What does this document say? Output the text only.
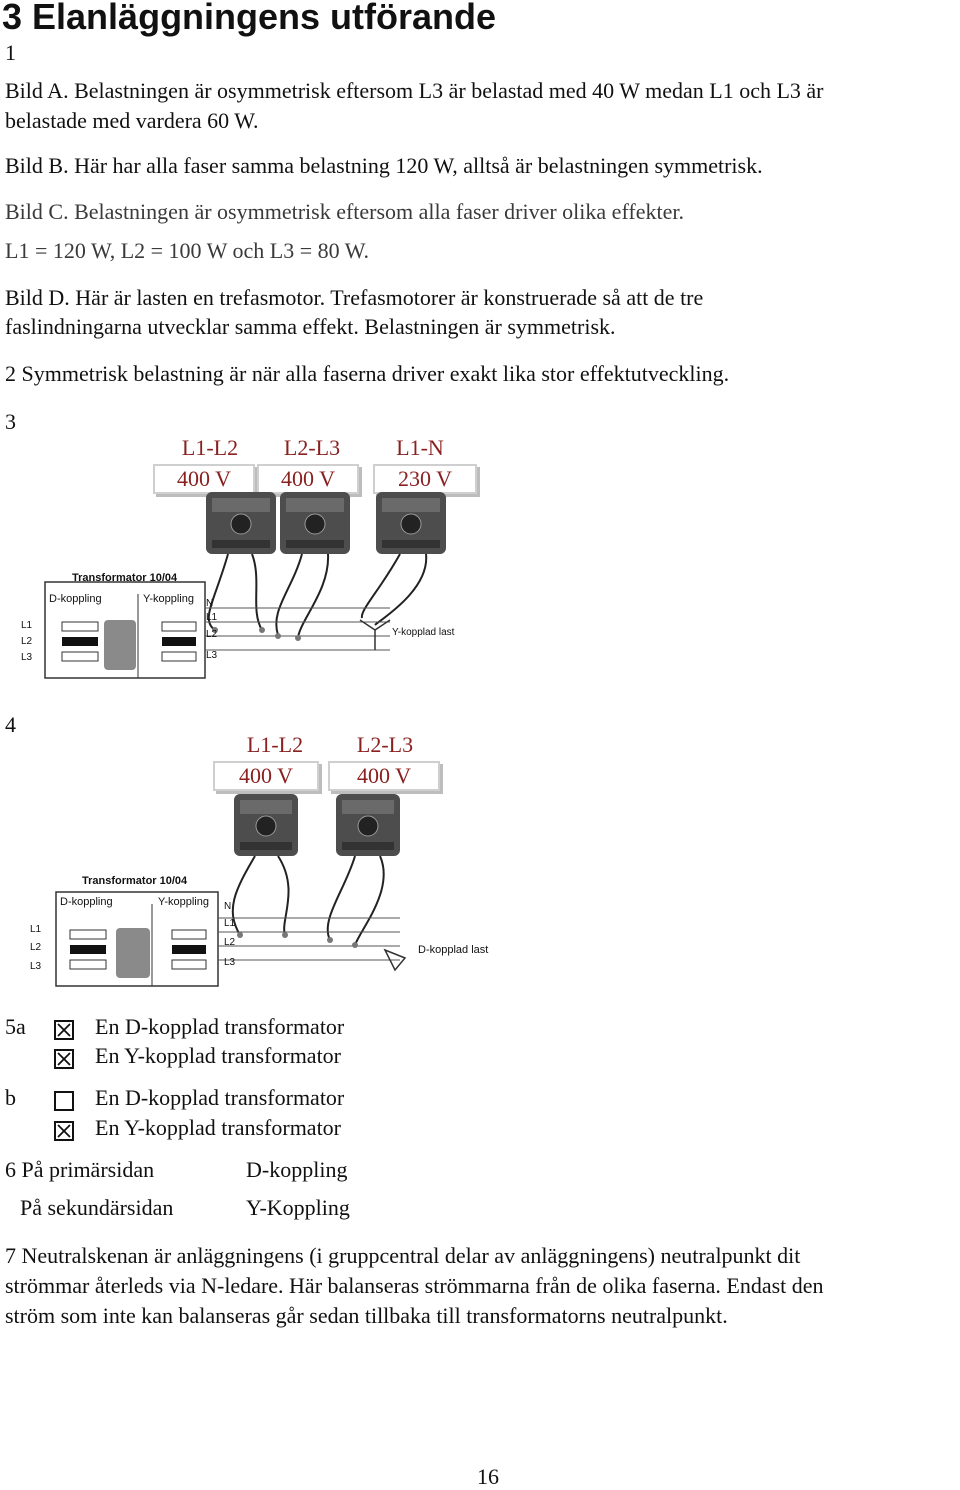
3 Elanläggningens utförande
1
Bild A. Belastningen är osymmetrisk eftersom L3 är belastad med 40 W medan L1 och L3 är
belastade med vardera 60 W.
Bild B. Här har alla faser samma belastning 120 W, alltså är belastningen symmetrisk.
Bild C. Belastningen är osymmetrisk eftersom alla faser driver olika effekter.
L1 = 120 W, L2 = 100 W och L3 = 80 W.
Bild D. Här är lasten en trefasmotor. Trefasmotorer är konstruerade så att de tre
faslindningarna utvecklar samma effekt. Belastningen är symmetrisk.
2 Symmetrisk belastning är när alla faserna driver exakt lika stor effektutveckling.
3
L1-L2	L2-L3	L1-N
400 V	400 V	230 V
Transformator 10/04
D-koppling	Y-koppling
L1
L2
L3
N
L1
L2
L3
Y-kopplad last
4
L1-L2	L2-L3
400 V	400 V
Transformator 10/04
D-koppling	Y-koppling
L1
L2
L3
N
L1
L2
L3
D-kopplad last
5a	En D-kopplad transformator
En Y-kopplad transformator
b	En D-kopplad transformator
En Y-kopplad transformator
6 På primärsidan	D-koppling
På sekundärsidan	Y-Koppling
7 Neutralskenan är anläggningens (i gruppcentral delar av anläggningens) neutralpunkt dit
strömmar återleds via N-ledare. Här balanseras strömmarna från de olika faserna. Endast den
ström som inte kan balanseras går sedan tillbaka till transformatorns neutralpunkt.
16
